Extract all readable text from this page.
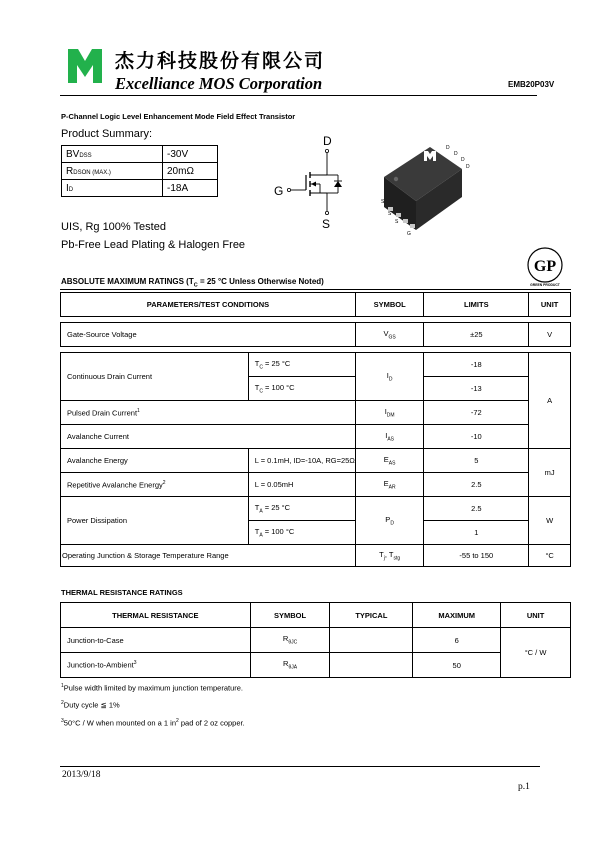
杰力科技股份有限公司
Excelliance MOS Corporation	EMB20P03V
P-Channel Logic Level Enhancement Mode Field Effect Transistor
Product Summary:
BVDSS	-30V
RDSON (MAX.)	20mΩ
ID	-18A
UIS, Rg 100% Tested
Pb-Free Lead Plating & Halogen Free
D
G
S
D
D
D
D
S
S
S
G
GP
GREEN PRODUCT
ABSOLUTE MAXIMUM RATINGS ($T_C = 25$ °C Unless Otherwise Noted)
PARAMETERS/TEST CONDITIONS		SYMBOL	LIMITS	UNIT

Gate-Source Voltage		$V_{GS}$	±25	V

Continuous Drain Current	$T_C = 25$ °C	$I_D$	-18	A
	$T_C = 100$ °C		-13	
Pulsed Drain Current$^1$		$I_{DM}$	-72	
Avalanche Current		$I_{AS}$	-10	
Avalanche Energy	L = 0.1mH, ID=-10A, RG=25Ω	$E_{AS}$	5	mJ
Repetitive Avalanche Energy$^2$	L = 0.05mH	$E_{AR}$	2.5	
Power Dissipation	$T_A = 25$ °C	$P_D$	2.5	W
	$T_A = 100$ °C		1	
Operating Junction & Storage Temperature Range		$T_j$, $T_{stg}$	-55 to 150	°C
THERMAL RESISTANCE RATINGS
THERMAL RESISTANCE	SYMBOL	TYPICAL	MAXIMUM	UNIT
Junction-to-Case	$R_{\theta JC}$		6	°C / W
Junction-to-Ambient$^3$	$R_{\theta JA}$		50	
$^1$Pulse width limited by maximum junction temperature.
$^2$Duty cycle ≦ 1%
$^3$50°C / W when mounted on a 1 $in^2$ pad of 2 oz copper.
2013/9/18
p.1
